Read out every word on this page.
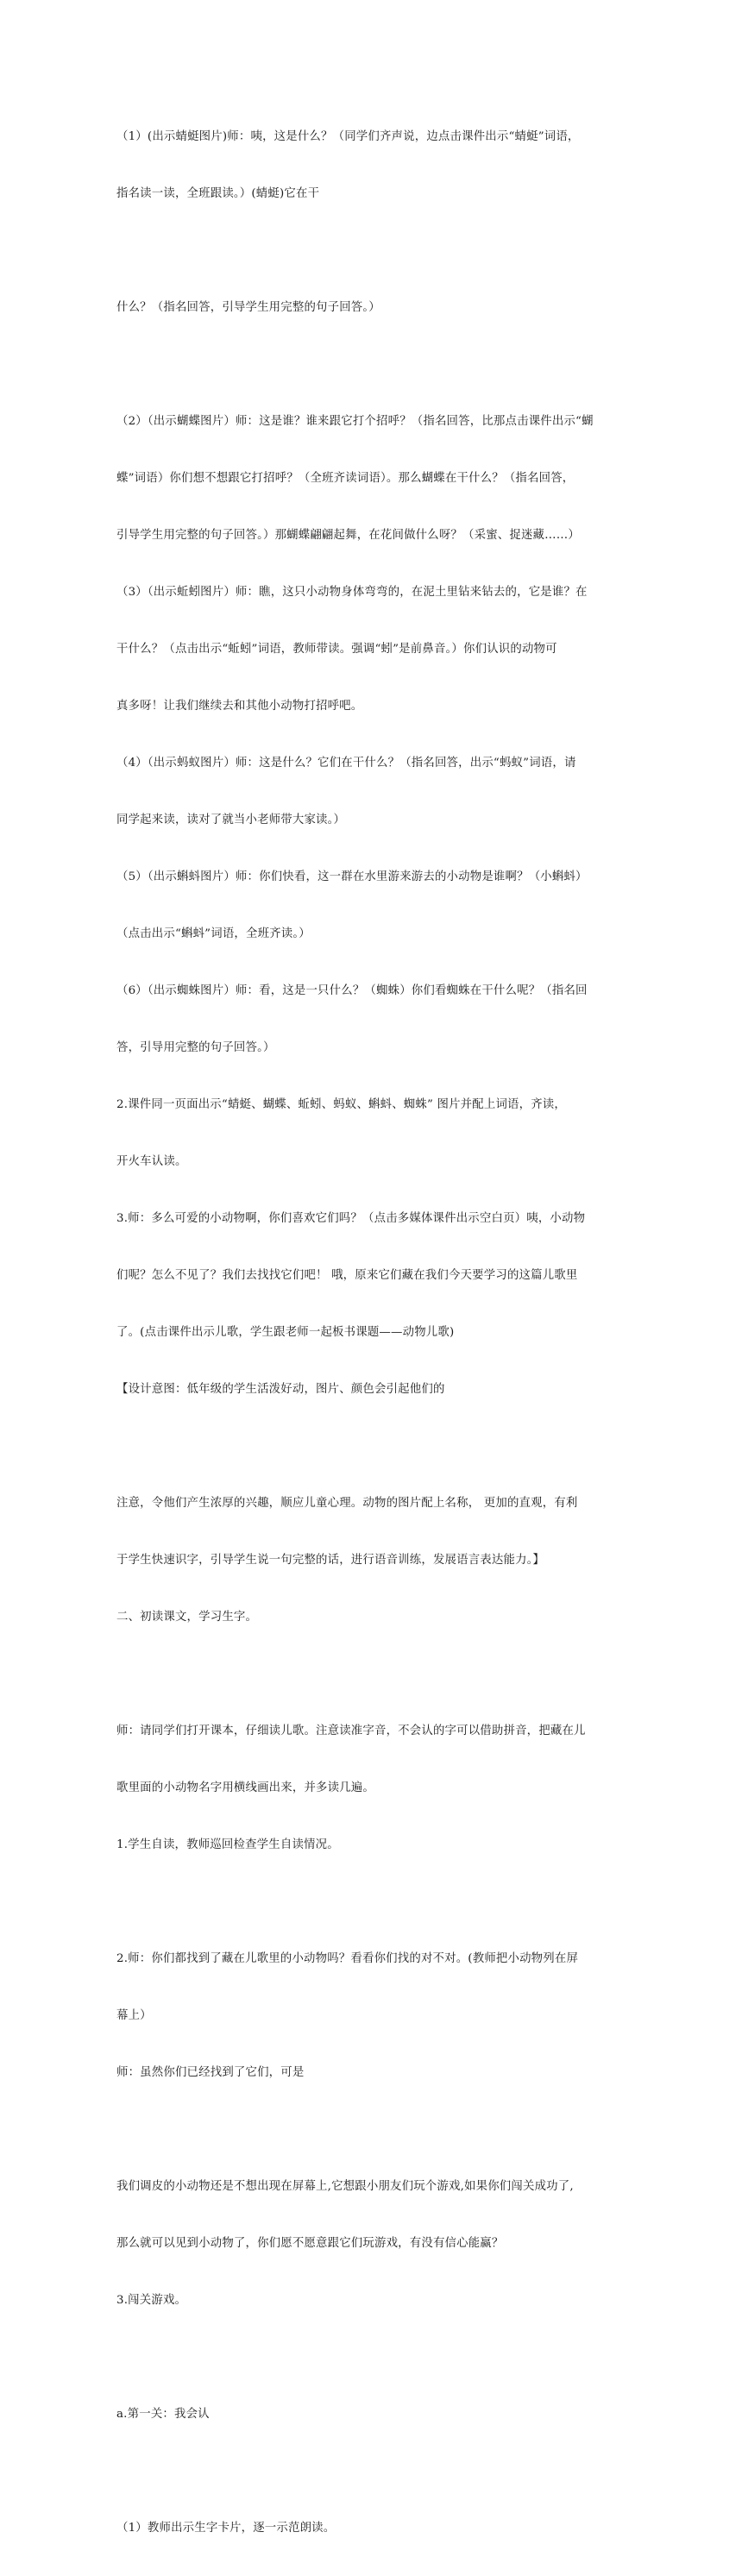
（1）(出示蜻蜓图片)师：咦，这是什么？（同学们齐声说，边点击课件出示“蜻蜓”词语，

指名读一读，全班跟读。）(蜻蜓)它在干

什么？（指名回答，引导学生用完整的句子回答。）

（2）（出示蝴蝶图片）师：这是谁？谁来跟它打个招呼？（指名回答，比那点击课件出示“蝴

蝶”词语）你们想不想跟它打招呼？（全班齐读词语）。那么蝴蝶在干什么？（指名回答，

引导学生用完整的句子回答。）那蝴蝶翩翩起舞，在花间做什么呀？（采蜜、捉迷藏……）

（3）（出示蚯蚓图片）师：瞧，这只小动物身体弯弯的，在泥土里钻来钻去的，它是谁？在

干什么？（点击出示“蚯蚓”词语，教师带读。强调“蚓”是前鼻音。）你们认识的动物可

真多呀！让我们继续去和其他小动物打招呼吧。

（4）（出示蚂蚁图片）师：这是什么？它们在干什么？（指名回答，出示“蚂蚁”词语，请

同学起来读，读对了就当小老师带大家读。）

（5）（出示蝌蚪图片）师：你们快看，这一群在水里游来游去的小动物是谁啊？（小蝌蚪）

（点击出示“蝌蚪”词语，全班齐读。）

（6）（出示蜘蛛图片）师：看，这是一只什么？（蜘蛛）你们看蜘蛛在干什么呢？（指名回

答，引导用完整的句子回答。）

2.课件同一页面出示“蜻蜓、蝴蝶、蚯蚓、蚂蚁、蝌蚪、蜘蛛” 图片并配上词语，齐读，

开火车认读。

3.师：多么可爱的小动物啊，你们喜欢它们吗？（点击多媒体课件出示空白页）咦，小动物

们呢？怎么不见了？我们去找找它们吧！ 哦，原来它们藏在我们今天要学习的这篇儿歌里

了。(点击课件出示儿歌，学生跟老师一起板书课题——动物儿歌)

【设计意图：低年级的学生活泼好动，图片、颜色会引起他们的

注意，令他们产生浓厚的兴趣，顺应儿童心理。动物的图片配上名称， 更加的直观，有利

于学生快速识字，引导学生说一句完整的话，进行语音训练，发展语言表达能力。】

二、初读课文，学习生字。

师：请同学们打开课本，仔细读儿歌。注意读准字音，不会认的字可以借助拼音，把藏在儿

歌里面的小动物名字用横线画出来，并多读几遍。

1.学生自读，教师巡回检查学生自读情况。

2.师：你们都找到了藏在儿歌里的小动物吗？看看你们找的对不对。(教师把小动物列在屏

幕上）

师：虽然你们已经找到了它们，可是

我们调皮的小动物还是不想出现在屏幕上,它想跟小朋友们玩个游戏,如果你们闯关成功了,

那么就可以见到小动物了，你们愿不愿意跟它们玩游戏，有没有信心能赢？

3.闯关游戏。

a.第一关：我会认

（1）教师出示生字卡片，逐一示范朗读。
